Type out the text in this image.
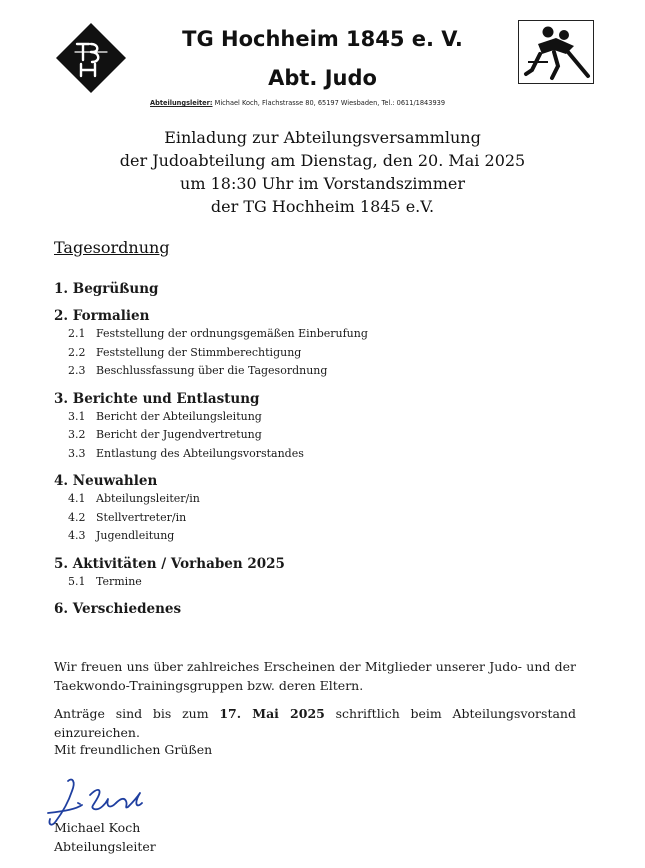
TG Hochheim 1845 e. V.
Abt. Judo
Abteilungsleiter: Michael Koch, Flachstrasse 80, 65197 Wiesbaden, Tel.: 0611/1843939
Einladung zur Abteilungsversammlung
der Judoabteilung am Dienstag, den 20. Mai 2025
um 18:30 Uhr im Vorstandszimmer
der TG Hochheim 1845 e.V.
Tagesordnung
1. Begrüßung
2. Formalien
2.1 Feststellung der ordnungsgemäßen Einberufung
2.2 Feststellung der Stimmberechtigung
2.3 Beschlussfassung über die Tagesordnung
3. Berichte und Entlastung
3.1 Bericht der Abteilungsleitung
3.2 Bericht der Jugendvertretung
3.3 Entlastung des Abteilungsvorstandes
4. Neuwahlen
4.1 Abteilungsleiter/in
4.2 Stellvertreter/in
4.3 Jugendleitung
5. Aktivitäten / Vorhaben 2025
5.1 Termine
6. Verschiedenes
Wir freuen uns über zahlreiches Erscheinen der Mitglieder unserer Judo- und der Taekwondo-Trainingsgruppen bzw. deren Eltern.
Anträge sind bis zum 17. Mai 2025 schriftlich beim Abteilungsvorstand einzureichen.
Mit freundlichen Grüßen
Michael Koch
Abteilungsleiter
